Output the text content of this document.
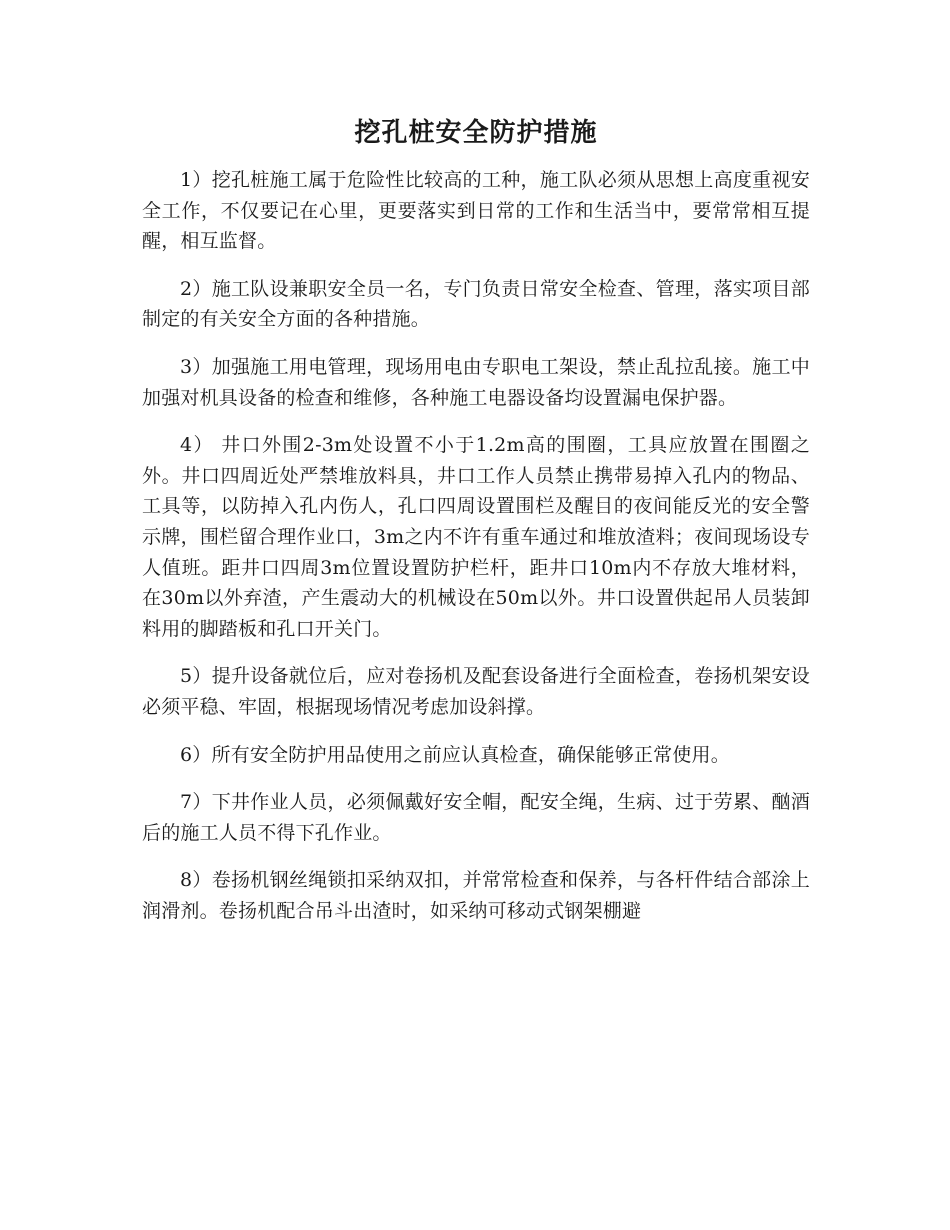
挖孔桩安全防护措施

1）挖孔桩施工属于危险性比较高的工种，施工队必须从思想上高度重视安全工作，不仅要记在心里，更要落实到日常的工作和生活当中，要常常相互提醒，相互监督。

2）施工队设兼职安全员一名，专门负责日常安全检查、管理，落实项目部制定的有关安全方面的各种措施。

3）加强施工用电管理，现场用电由专职电工架设，禁止乱拉乱接。施工中加强对机具设备的检查和维修，各种施工电器设备均设置漏电保护器。

4） 井口外围2-3m处设置不小于1.2m高的围圈，工具应放置在围圈之外。井口四周近处严禁堆放料具，井口工作人员禁止携带易掉入孔内的物品、工具等，以防掉入孔内伤人，孔口四周设置围栏及醒目的夜间能反光的安全警示牌，围栏留合理作业口，3m之内不许有重车通过和堆放渣料；夜间现场设专人值班。距井口四周3m位置设置防护栏杆，距井口10m内不存放大堆材料，在30m以外弃渣，产生震动大的机械设在50m以外。井口设置供起吊人员装卸料用的脚踏板和孔口开关门。

5）提升设备就位后，应对卷扬机及配套设备进行全面检查，卷扬机架安设必须平稳、牢固，根据现场情况考虑加设斜撑。

6）所有安全防护用品使用之前应认真检查，确保能够正常使用。

7）下井作业人员，必须佩戴好安全帽，配安全绳，生病、过于劳累、酗酒后的施工人员不得下孔作业。

8）卷扬机钢丝绳锁扣采纳双扣，并常常检查和保养，与各杆件结合部涂上润滑剂。卷扬机配合吊斗出渣时，如采纳可移动式钢架棚避
